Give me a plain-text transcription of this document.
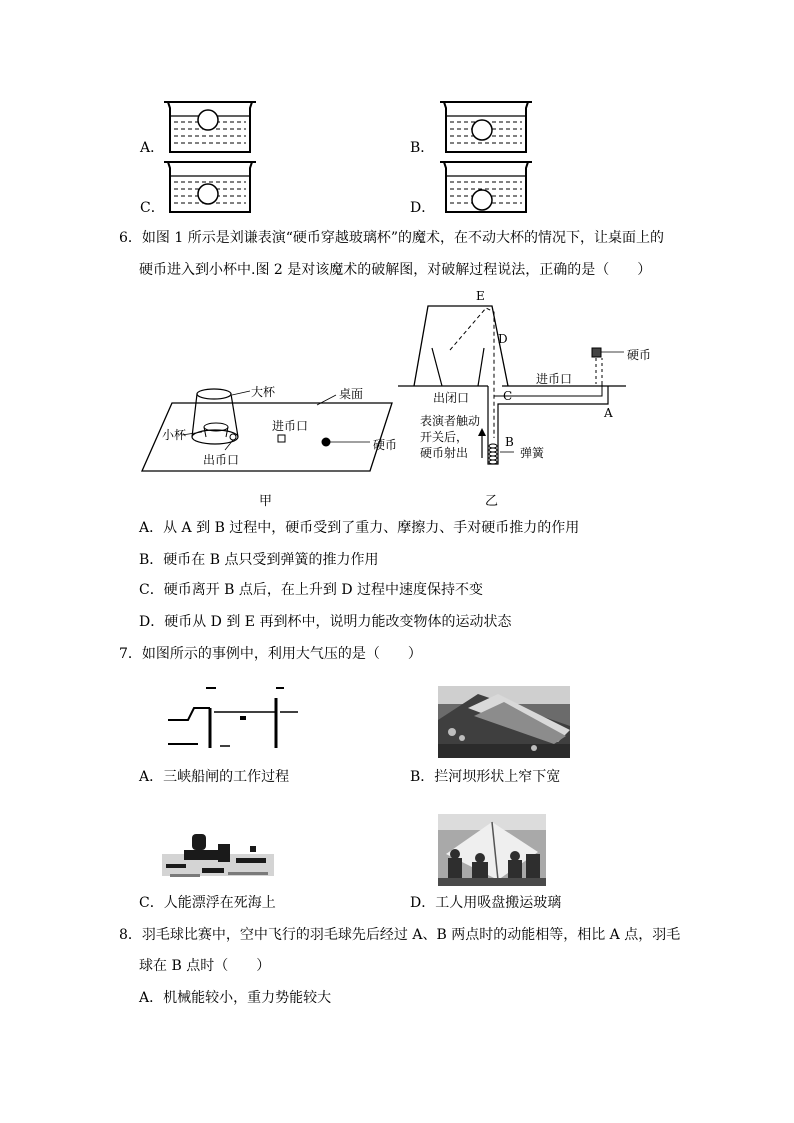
A．	B．
C．	D．
6．如图 1 所示是刘谦表演“硬币穿越玻璃杯”的魔术，在不动大杯的情况下，让桌面上的
硬币进入到小杯中.图 2 是对该魔术的破解图，对破解过程说法，正确的是（　　）
大杯	桌面
小杯
进币口
硬币
出币口
甲
E
D
硬币
进币口
出闭口	C
A
表演者触动
开关后，
硬币射出
B
弹簧
乙
A．从 A 到 B 过程中，硬币受到了重力、摩擦力、手对硬币推力的作用
B．硬币在 B 点只受到弹簧的推力作用
C．硬币离开 B 点后，在上升到 D 过程中速度保持不变
D．硬币从 D 到 E 再到杯中，说明力能改变物体的运动状态
7．如图所示的事例中，利用大气压的是（　　）
A．三峡船闸的工作过程	B．拦河坝形状上窄下宽
C．人能漂浮在死海上	D．工人用吸盘搬运玻璃
8．羽毛球比赛中，空中飞行的羽毛球先后经过 A、B 两点时的动能相等，相比 A 点，羽毛
球在 B 点时（　　）
A．机械能较小，重力势能较大
